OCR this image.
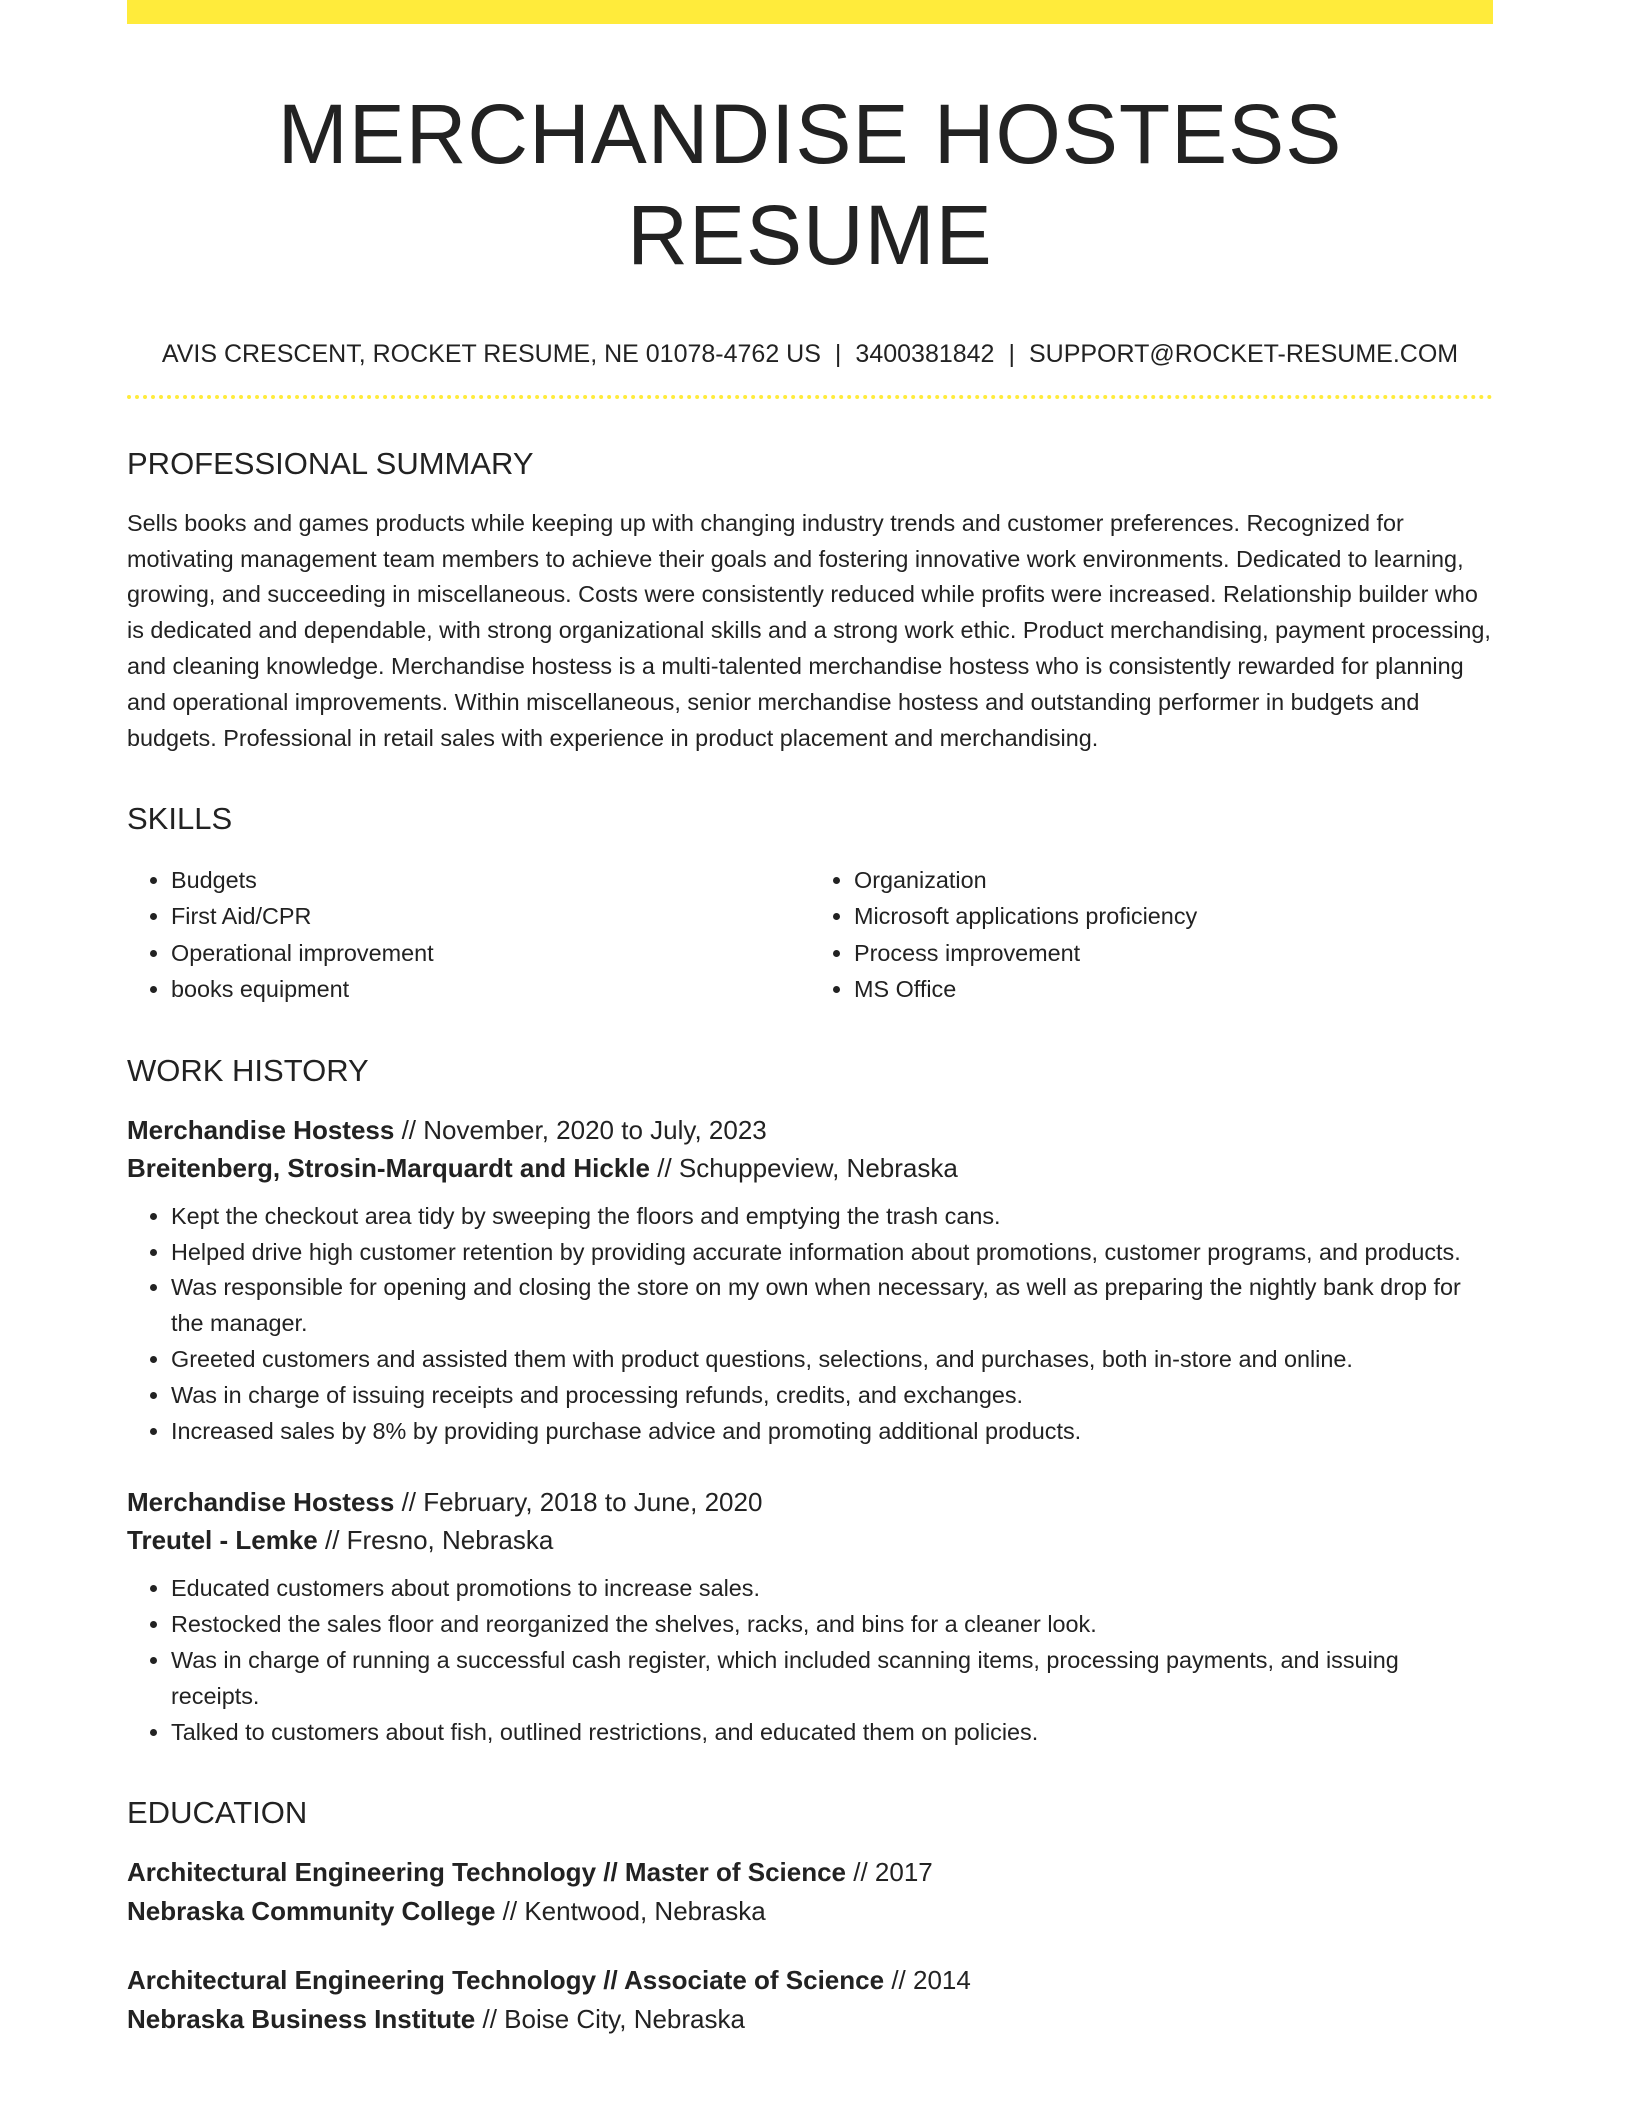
MERCHANDISE HOSTESS RESUME
AVIS CRESCENT, ROCKET RESUME, NE 01078-4762 US | 3400381842 | SUPPORT@ROCKET-RESUME.COM
PROFESSIONAL SUMMARY
Sells books and games products while keeping up with changing industry trends and customer preferences. Recognized for motivating management team members to achieve their goals and fostering innovative work environments. Dedicated to learning, growing, and succeeding in miscellaneous. Costs were consistently reduced while profits were increased. Relationship builder who is dedicated and dependable, with strong organizational skills and a strong work ethic. Product merchandising, payment processing, and cleaning knowledge. Merchandise hostess is a multi-talented merchandise hostess who is consistently rewarded for planning and operational improvements. Within miscellaneous, senior merchandise hostess and outstanding performer in budgets and budgets. Professional in retail sales with experience in product placement and merchandising.
SKILLS
• Budgets
• First Aid/CPR
• Operational improvement
• books equipment
• Organization
• Microsoft applications proficiency
• Process improvement
• MS Office
WORK HISTORY
Merchandise Hostess // November, 2020 to July, 2023
Breitenberg, Strosin-Marquardt and Hickle // Schuppeview, Nebraska
• Kept the checkout area tidy by sweeping the floors and emptying the trash cans.
• Helped drive high customer retention by providing accurate information about promotions, customer programs, and products.
• Was responsible for opening and closing the store on my own when necessary, as well as preparing the nightly bank drop for the manager.
• Greeted customers and assisted them with product questions, selections, and purchases, both in-store and online.
• Was in charge of issuing receipts and processing refunds, credits, and exchanges.
• Increased sales by 8% by providing purchase advice and promoting additional products.
Merchandise Hostess // February, 2018 to June, 2020
Treutel - Lemke // Fresno, Nebraska
• Educated customers about promotions to increase sales.
• Restocked the sales floor and reorganized the shelves, racks, and bins for a cleaner look.
• Was in charge of running a successful cash register, which included scanning items, processing payments, and issuing receipts.
• Talked to customers about fish, outlined restrictions, and educated them on policies.
EDUCATION
Architectural Engineering Technology // Master of Science // 2017
Nebraska Community College // Kentwood, Nebraska
Architectural Engineering Technology // Associate of Science // 2014
Nebraska Business Institute // Boise City, Nebraska
